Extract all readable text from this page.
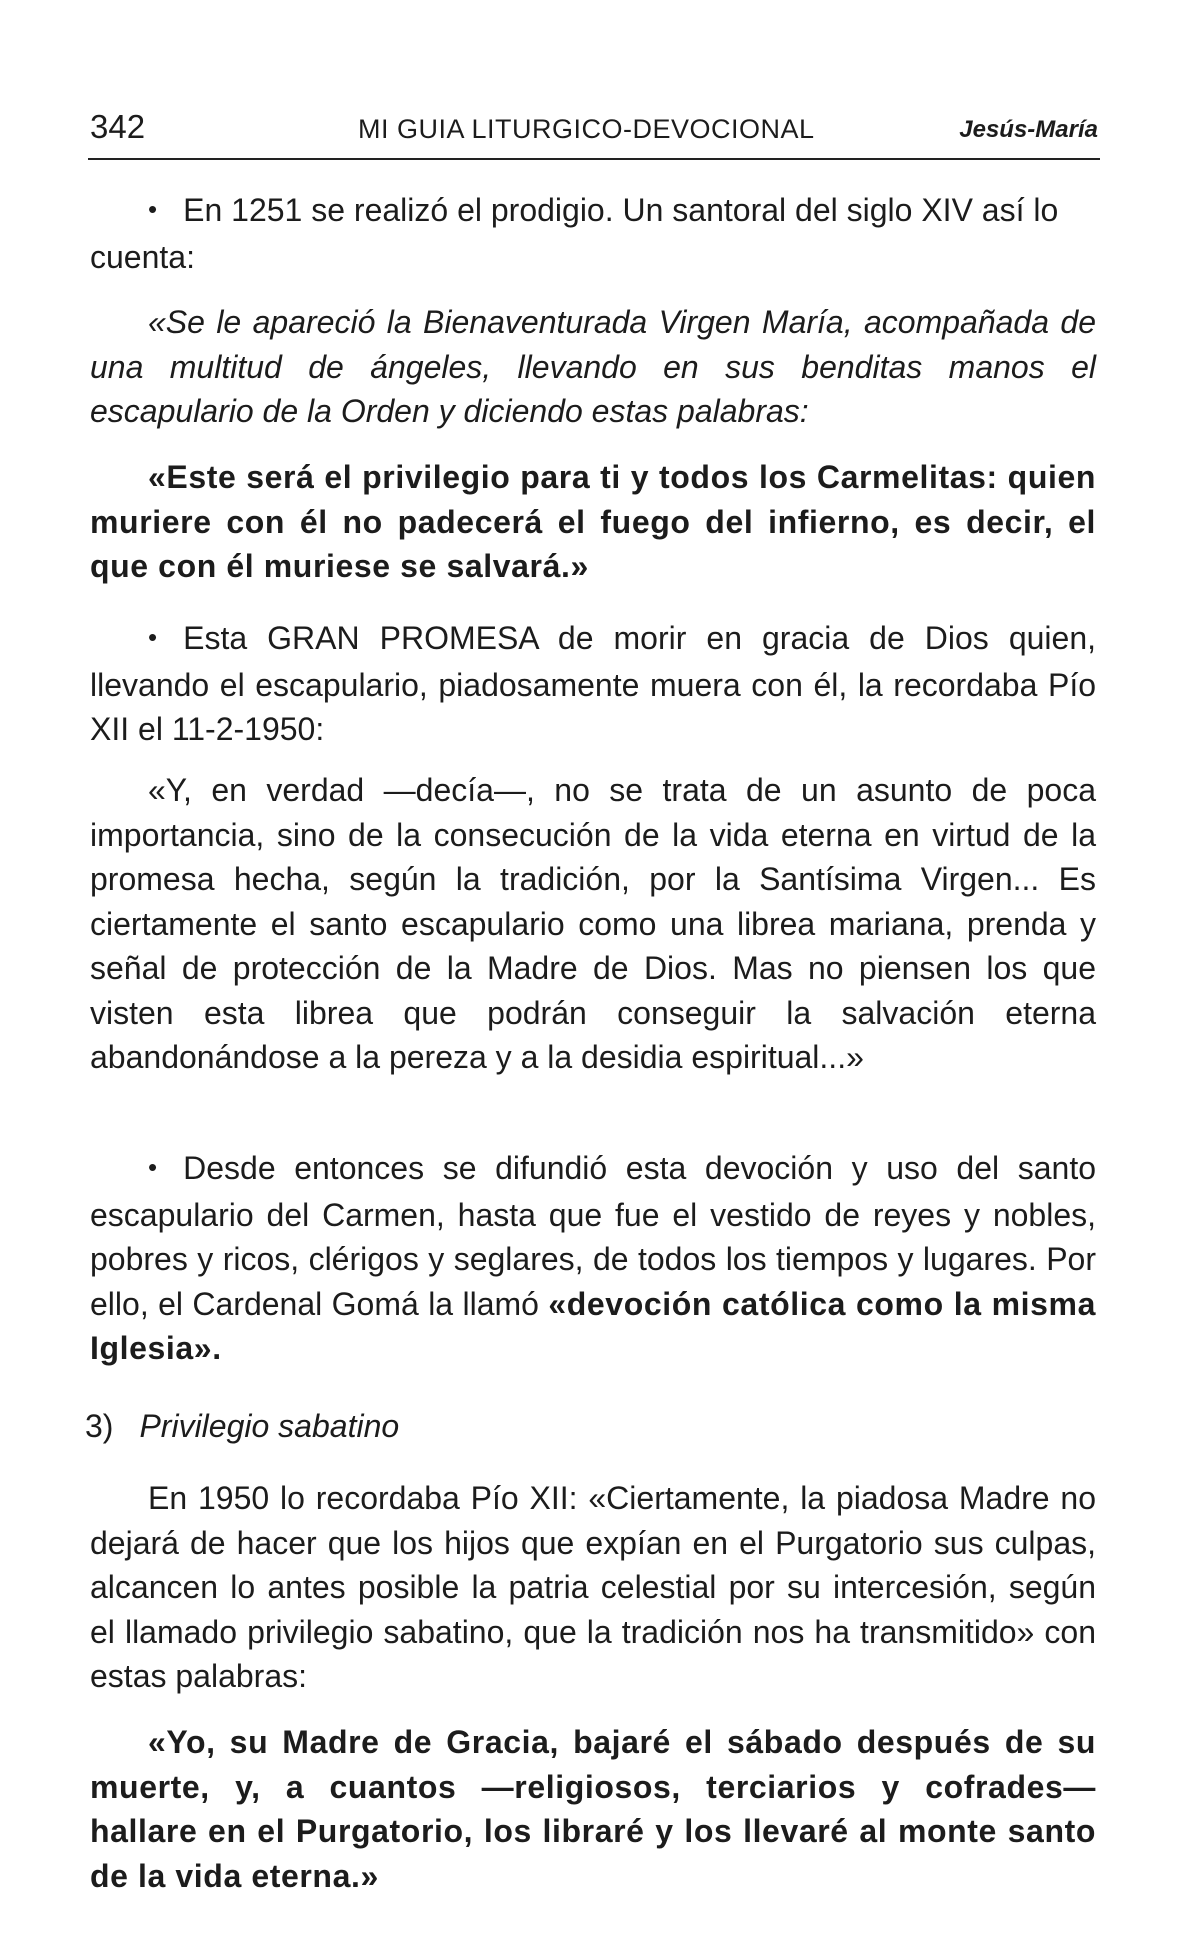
342	MI GUIA LITURGICO-DEVOCIONAL	Jesús-María

• En 1251 se realizó el prodigio. Un santoral del siglo XIV así lo cuenta:

«Se le apareció la Bienaventurada Virgen María, acompañada de una multitud de ángeles, llevando en sus benditas manos el escapulario de la Orden y diciendo estas palabras:

«Este será el privilegio para ti y todos los Carmelitas: quien muriere con él no padecerá el fuego del infierno, es decir, el que con él muriese se salvará.»

• Esta GRAN PROMESA de morir en gracia de Dios quien, llevando el escapulario, piadosamente muera con él, la recordaba Pío XII el 11-2-1950:

«Y, en verdad —decía—, no se trata de un asunto de poca importancia, sino de la consecución de la vida eterna en virtud de la promesa hecha, según la tradición, por la Santísima Virgen... Es ciertamente el santo escapulario como una librea mariana, prenda y señal de protección de la Madre de Dios. Mas no piensen los que visten esta librea que podrán conseguir la salvación eterna abandonándose a la pereza y a la desidia espiritual...»

• Desde entonces se difundió esta devoción y uso del santo escapulario del Carmen, hasta que fue el vestido de reyes y nobles, pobres y ricos, clérigos y seglares, de todos los tiempos y lugares. Por ello, el Cardenal Gomá la llamó «devoción católica como la misma Iglesia».

3) Privilegio sabatino

En 1950 lo recordaba Pío XII: «Ciertamente, la piadosa Madre no dejará de hacer que los hijos que expían en el Purgatorio sus culpas, alcancen lo antes posible la patria celestial por su intercesión, según el llamado privilegio sabatino, que la tradición nos ha transmitido» con estas palabras:

«Yo, su Madre de Gracia, bajaré el sábado después de su muerte, y, a cuantos —religiosos, terciarios y cofrades— hallare en el Purgatorio, los libraré y los llevaré al monte santo de la vida eterna.»
